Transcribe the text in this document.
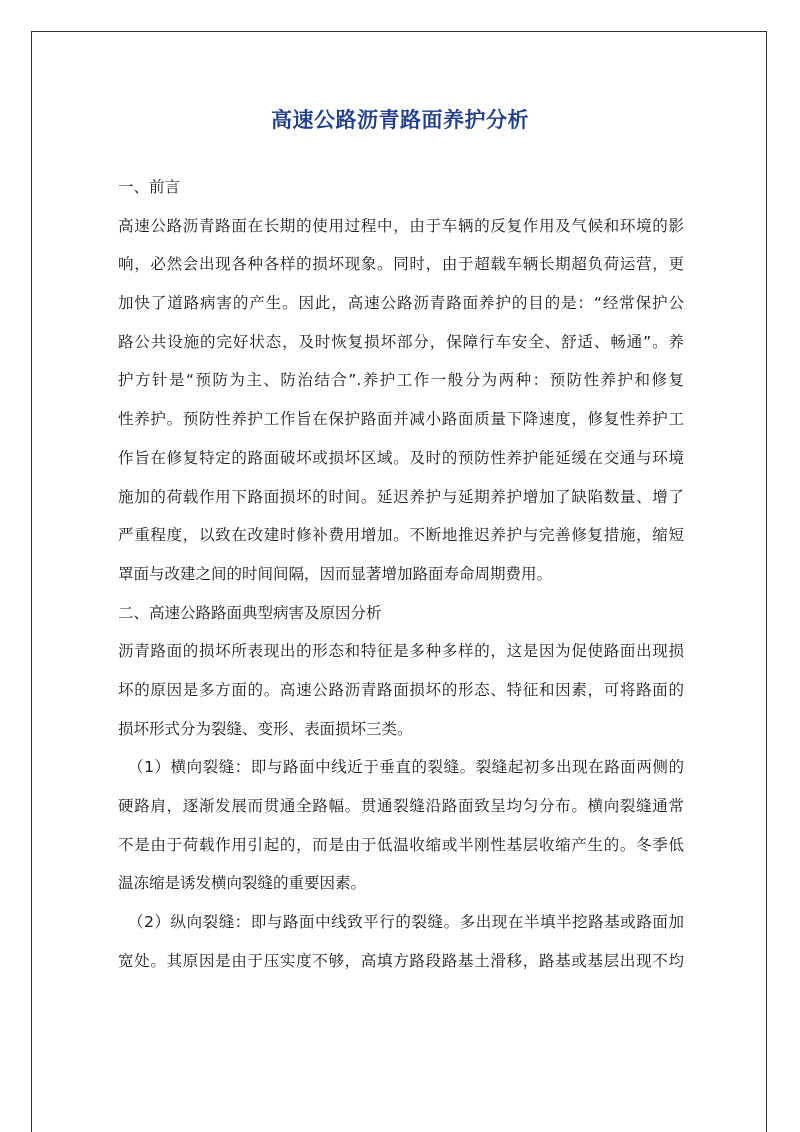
高速公路沥青路面养护分析
一、前言
高速公路沥青路面在长期的使用过程中，由于车辆的反复作用及气候和环境的影
响，必然会出现各种各样的损坏现象。同时，由于超载车辆长期超负荷运营，更
加快了道路病害的产生。因此，高速公路沥青路面养护的目的是：“经常保护公
路公共设施的完好状态，及时恢复损坏部分，保障行车安全、舒适、畅通”。养
护方针是“预防为主、防治结合”.养护工作一般分为两种：预防性养护和修复
性养护。预防性养护工作旨在保护路面并减小路面质量下降速度，修复性养护工
作旨在修复特定的路面破坏或损坏区域。及时的预防性养护能延缓在交通与环境
施加的荷载作用下路面损坏的时间。延迟养护与延期养护增加了缺陷数量、增了
严重程度，以致在改建时修补费用增加。不断地推迟养护与完善修复措施，缩短
罩面与改建之间的时间间隔，因而显著增加路面寿命周期费用。
二、高速公路路面典型病害及原因分析
沥青路面的损坏所表现出的形态和特征是多种多样的，这是因为促使路面出现损
坏的原因是多方面的。高速公路沥青路面损坏的形态、特征和因素，可将路面的
损坏形式分为裂缝、变形、表面损坏三类。
（1）横向裂缝：即与路面中线近于垂直的裂缝。裂缝起初多出现在路面两侧的
硬路肩，逐渐发展而贯通全路幅。贯通裂缝沿路面致呈均匀分布。横向裂缝通常
不是由于荷载作用引起的，而是由于低温收缩或半刚性基层收缩产生的。冬季低
温冻缩是诱发横向裂缝的重要因素。
（2）纵向裂缝：即与路面中线致平行的裂缝。多出现在半填半挖路基或路面加
宽处。其原因是由于压实度不够，高填方路段路基土滑移，路基或基层出现不均
